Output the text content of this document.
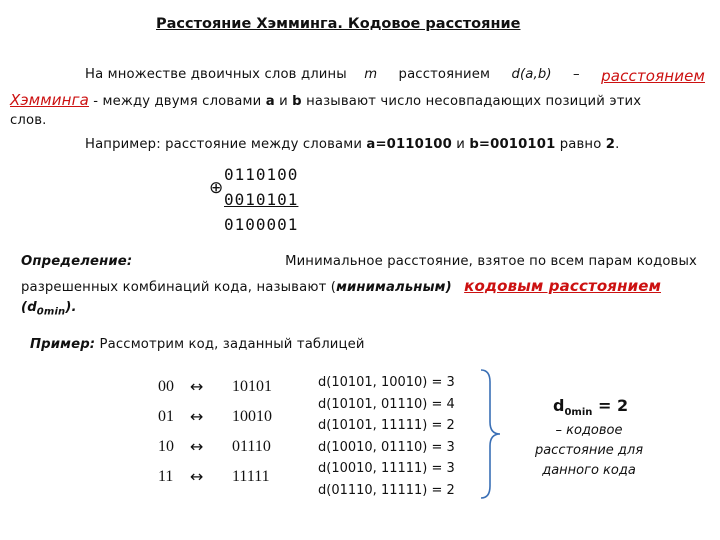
Расстояние Хэмминга. Кодовое расстояние
На множестве двоичных слов длины m расстоянием d(a,b) – расстоянием
Хэмминга - между двумя словами a и b называют число несовпадающих позиций этих
слов.
Например: расстояние между словами a=0110100 и b=0010101 равно 2.
⊕
0110100
0010101
0100001
Определение:	Минимальное расстояние, взятое по всем парам кодовых
разрешенных комбинаций кода, называют (минимальным) кодовым расстоянием
$(d_{0min})$.
Пример: Рассмотрим код, заданный таблицей
00
01
10
11
↔
↔
↔
↔
10101
10010
01110
11111
d(10101, 10010) = 3
d(10101, 01110) = 4
d(10101, 11111) = 2
d(10010, 01110) = 3
d(10010, 11111) = 3
d(01110, 11111) = 2
$d_{0min} = 2$
– кодовое
расстояние для
данного кода
